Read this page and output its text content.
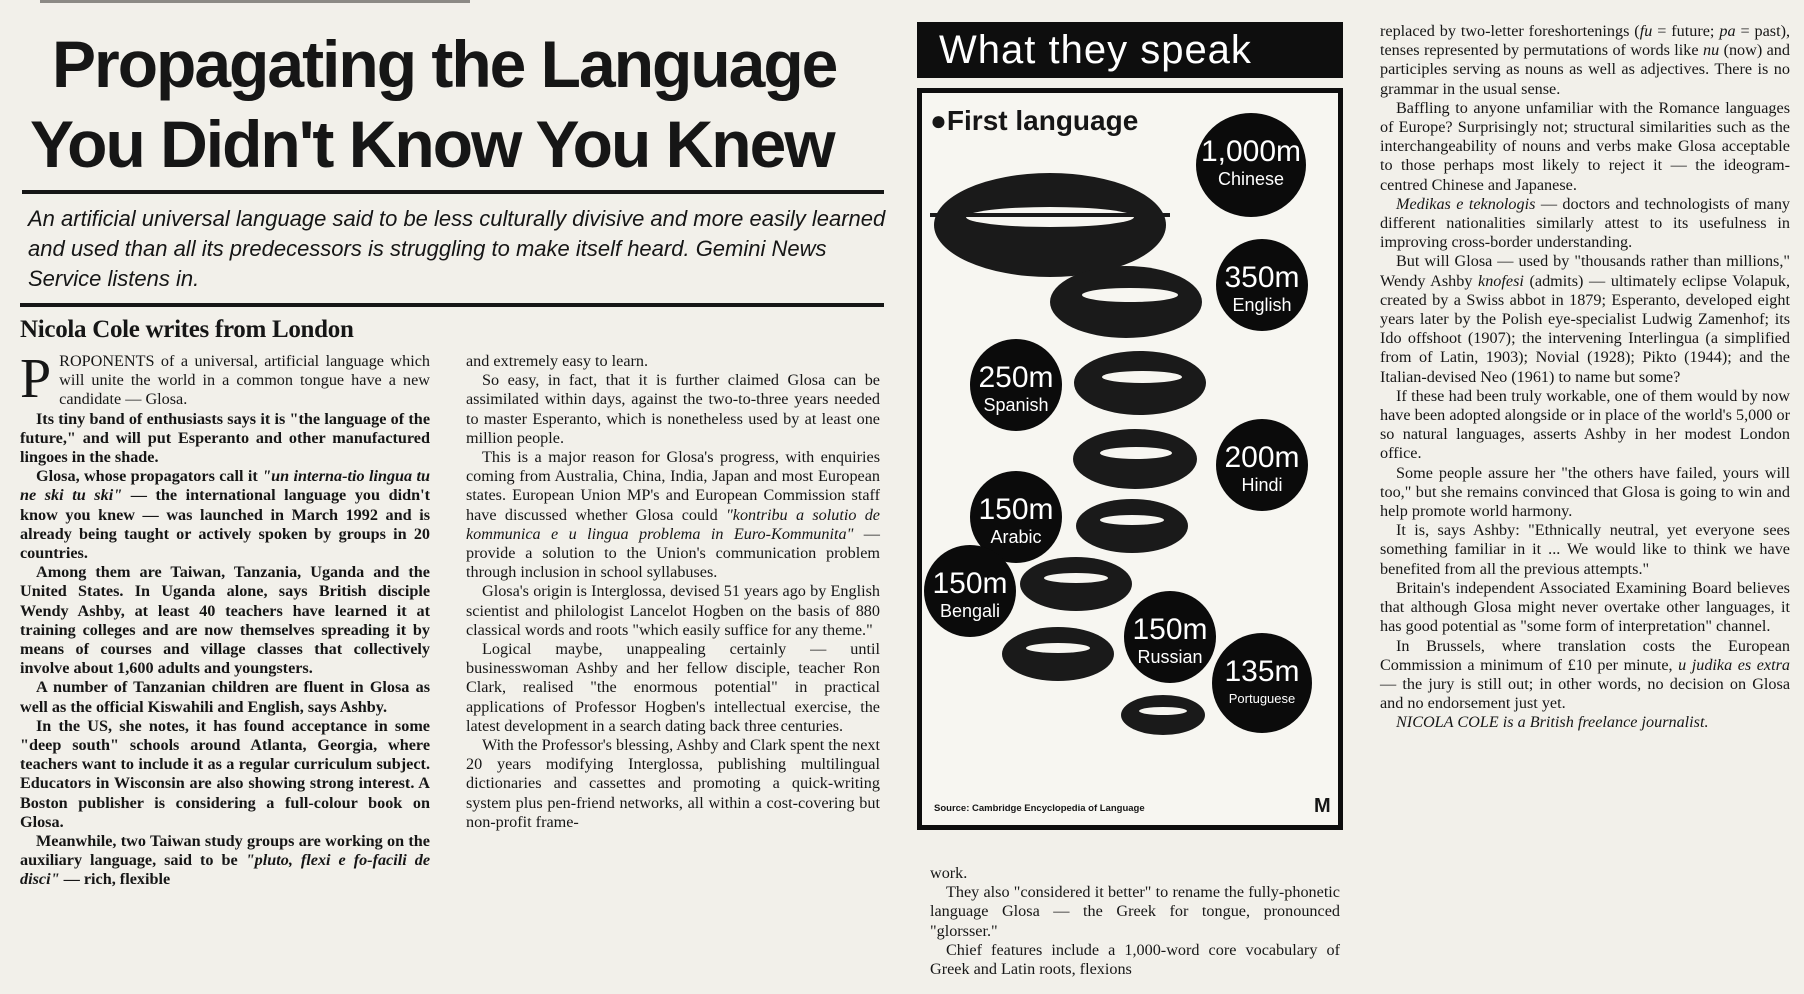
Propagating the Language
You Didn't Know You Knew
An artificial universal language said to be less culturally divisive and more easily learned
and used than all its predecessors is struggling to make itself heard. Gemini News
Service listens in.
Nicola Cole writes from London

PROPONENTS of a universal, artificial language which will unite the world in a common tongue have a new candidate — Glosa.

Its tiny band of enthusiasts says it is "the language of the future," and will put Esperanto and other manufactured lingoes in the shade.

Glosa, whose propagators call it "un interna-tio lingua tu ne ski tu ski" — the international language you didn't know you knew — was launched in March 1992 and is already being taught or actively spoken by groups in 20 countries.

Among them are Taiwan, Tanzania, Uganda and the United States. In Uganda alone, says British disciple Wendy Ashby, at least 40 teachers have learned it at training colleges and are now themselves spreading it by means of courses and village classes that collectively involve about 1,600 adults and youngsters.

A number of Tanzanian children are fluent in Glosa as well as the official Kiswahili and English, says Ashby.

In the US, she notes, it has found acceptance in some "deep south" schools around Atlanta, Georgia, where teachers want to include it as a regular curriculum subject. Educators in Wisconsin are also showing strong interest. A Boston publisher is considering a full-colour book on Glosa.

Meanwhile, two Taiwan study groups are working on the auxiliary language, said to be "pluto, flexi e fo-facili de disci" — rich, flexible

and extremely easy to learn.

So easy, in fact, that it is further claimed Glosa can be assimilated within days, against the two-to-three years needed to master Esperanto, which is nonetheless used by at least one million people.

This is a major reason for Glosa's progress, with enquiries coming from Australia, China, India, Japan and most European states. European Union MP's and European Commission staff have discussed whether Glosa could "kontribu a solutio de kommunica e u lingua problema in Euro-Kommunita" — provide a solution to the Union's communication problem through inclusion in school syllabuses.

Glosa's origin is Interglossa, devised 51 years ago by English scientist and philologist Lancelot Hogben on the basis of 880 classical words and roots "which easily suffice for any theme."

Logical maybe, unappealing certainly — until businesswoman Ashby and her fellow disciple, teacher Ron Clark, realised "the enormous potential" in practical applications of Professor Hogben's intellectual exercise, the latest development in a search dating back three centuries.

With the Professor's blessing, Ashby and Clark spent the next 20 years modifying Interglossa, publishing multilingual dictionaries and cassettes and promoting a quick-writing system plus pen-friend networks, all within a cost-covering but non-profit frame-

What they speak
●First language
1,000m
Chinese
350m
English
250m
Spanish
200m
Hindi
150m
Arabic
150m
Bengali
150m
Russian 135m
Portuguese
Source: Cambridge Encyclopedia of Language	M

work.

They also "considered it better" to rename the fully-phonetic language Glosa — the Greek for tongue, pronounced "glorsser."

Chief features include a 1,000-word core vocabulary of Greek and Latin roots, flexions

replaced by two-letter foreshortenings (fu = future; pa = past), tenses represented by permutations of words like nu (now) and participles serving as nouns as well as adjectives. There is no grammar in the usual sense.

Baffling to anyone unfamiliar with the Romance languages of Europe? Surprisingly not; structural similarities such as the interchangeability of nouns and verbs make Glosa acceptable to those perhaps most likely to reject it — the ideogram-centred Chinese and Japanese.

Medikas e teknologis — doctors and technologists of many different nationalities similarly attest to its usefulness in improving cross-border understanding.

But will Glosa — used by "thousands rather than millions," Wendy Ashby knofesi (admits) — ultimately eclipse Volapuk, created by a Swiss abbot in 1879; Esperanto, developed eight years later by the Polish eye-specialist Ludwig Zamenhof; its Ido offshoot (1907); the intervening Interlingua (a simplified from of Latin, 1903); Novial (1928); Pikto (1944); and the Italian-devised Neo (1961) to name but some?

If these had been truly workable, one of them would by now have been adopted alongside or in place of the world's 5,000 or so natural languages, asserts Ashby in her modest London office.

Some people assure her "the others have failed, yours will too," but she remains convinced that Glosa is going to win and help promote world harmony.

It is, says Ashby: "Ethnically neutral, yet everyone sees something familiar in it ... We would like to think we have benefited from all the previous attempts."

Britain's independent Associated Examining Board believes that although Glosa might never overtake other languages, it has good potential as "some form of interpretation" channel.

In Brussels, where translation costs the European Commission a minimum of £10 per minute, u judika es extra — the jury is still out; in other words, no decision on Glosa and no endorsement just yet.

NICOLA COLE is a British freelance journalist.
